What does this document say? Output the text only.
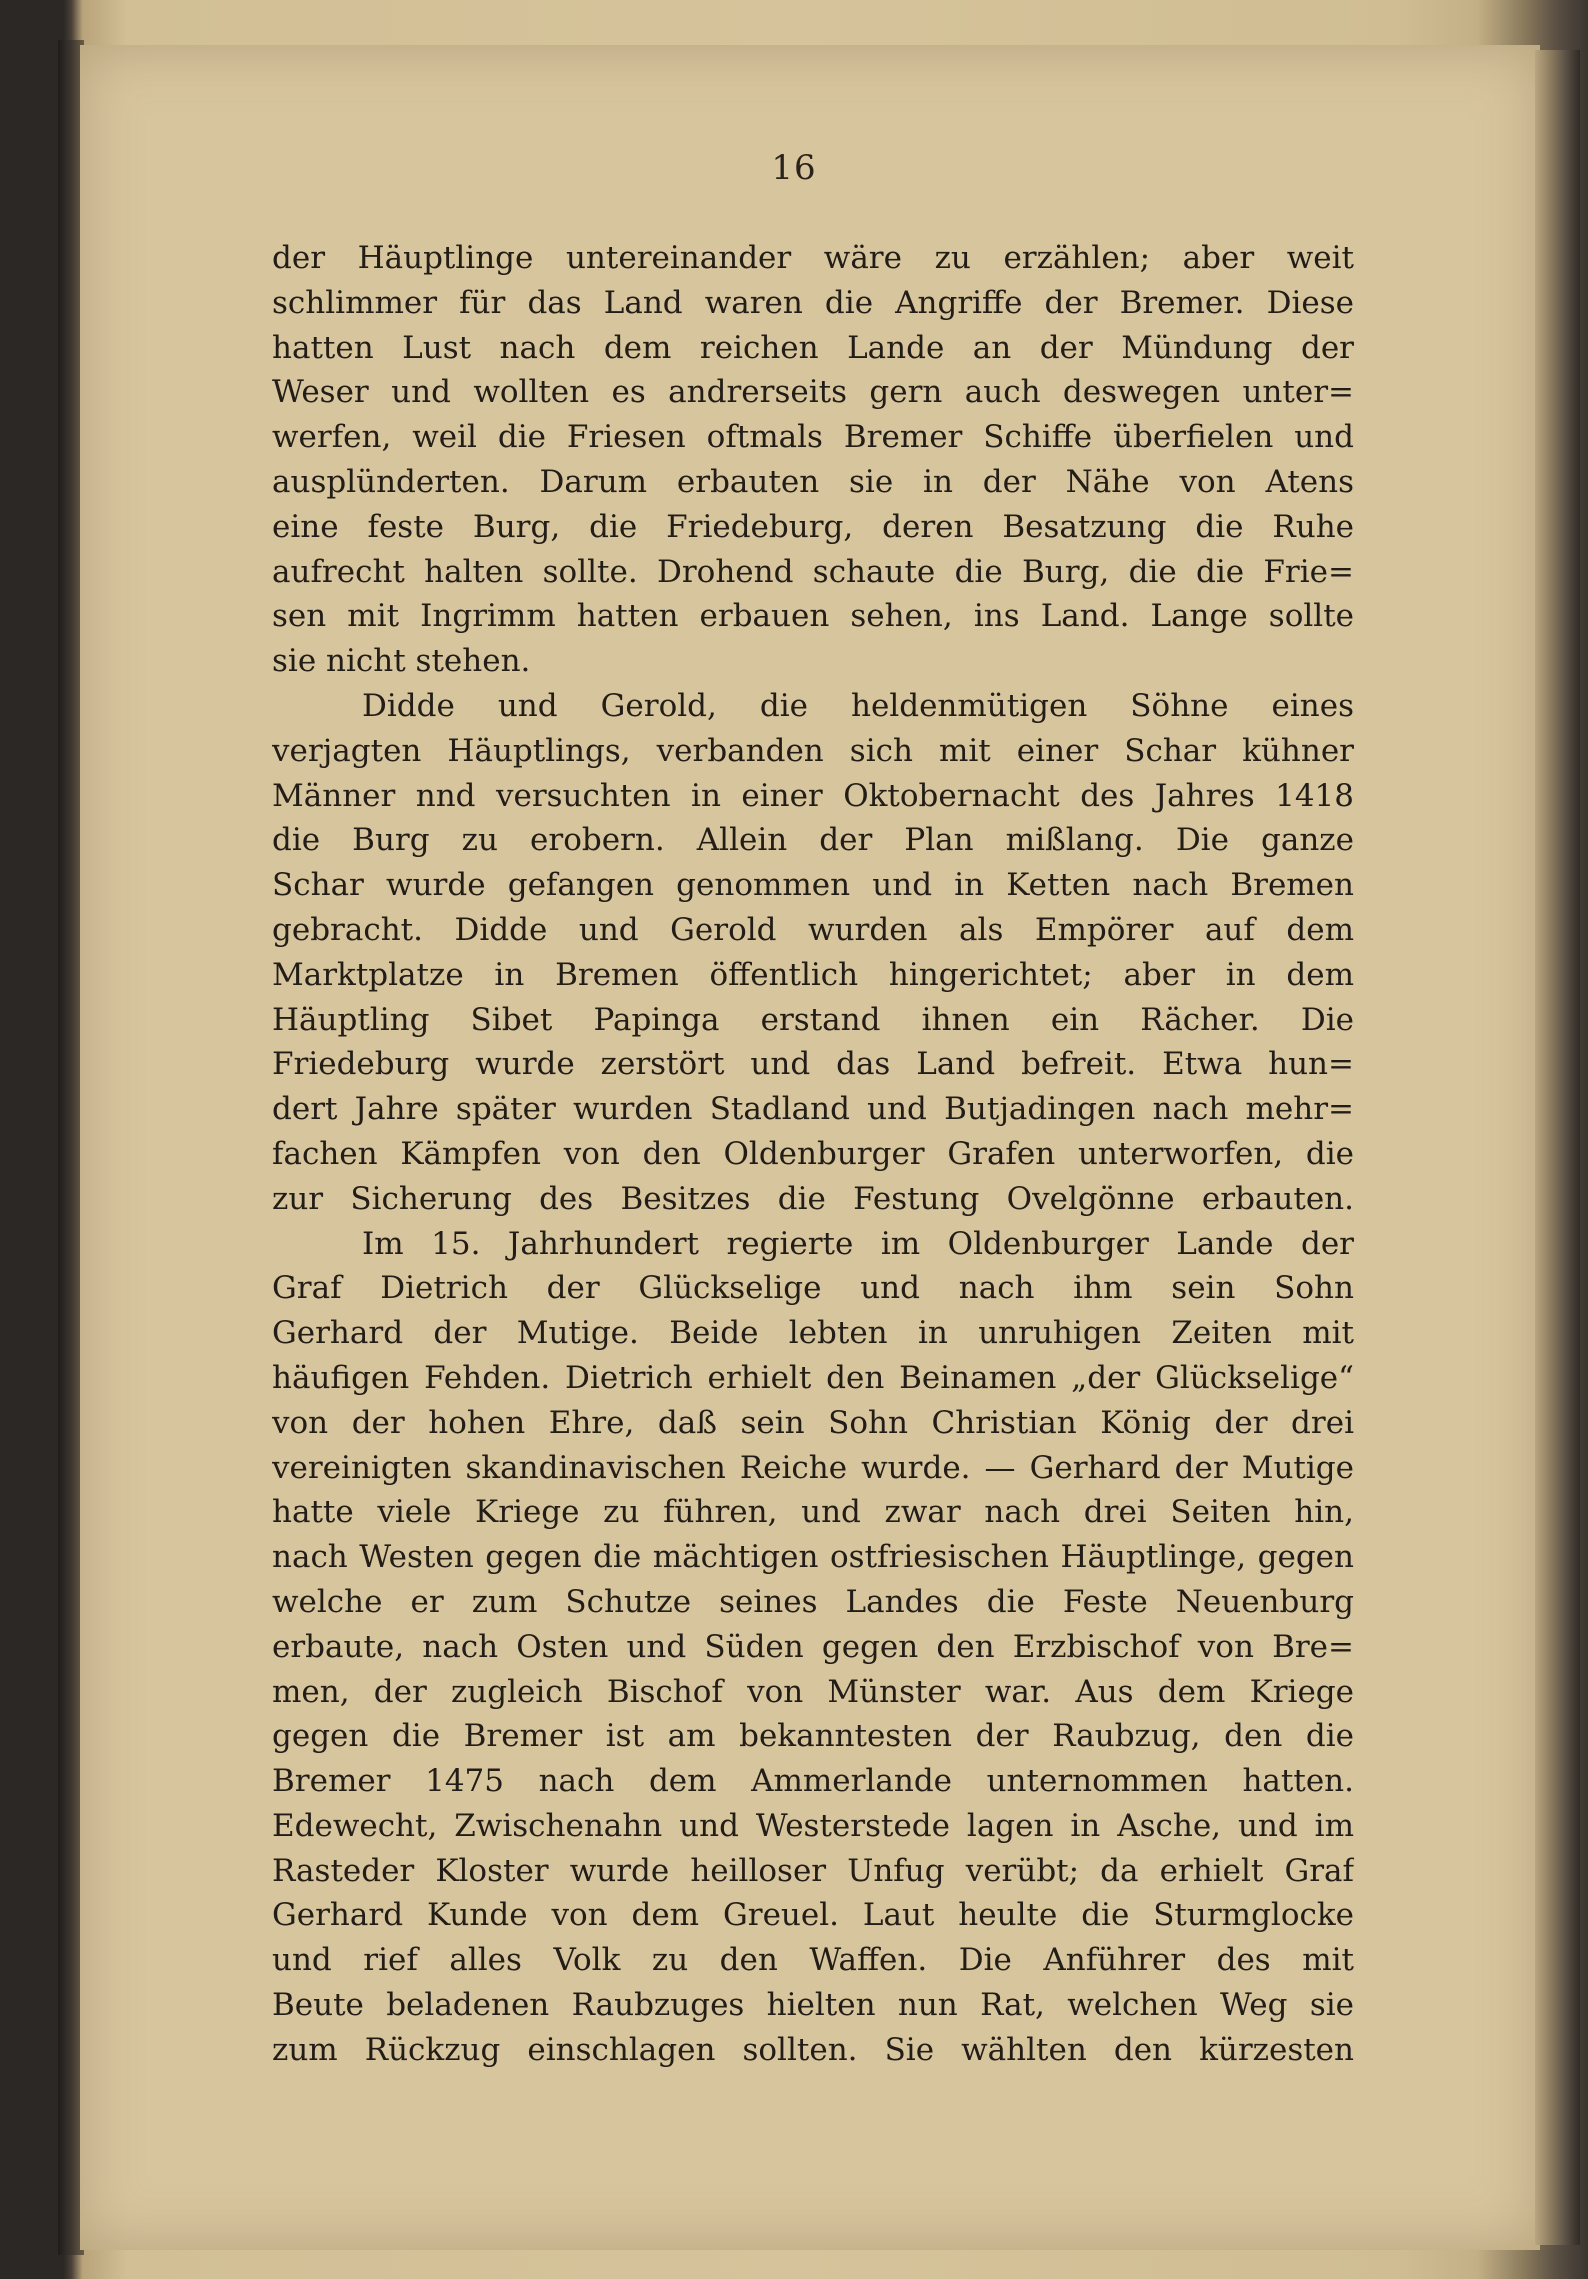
16
der Häuptlinge untereinander wäre zu erzählen; aber weit
schlimmer für das Land waren die Angriffe der Bremer. Diese
hatten Lust nach dem reichen Lande an der Mündung der
Weser und wollten es andrerseits gern auch deswegen unter=
werfen, weil die Friesen oftmals Bremer Schiffe überfielen und
ausplünderten. Darum erbauten sie in der Nähe von Atens
eine feste Burg, die Friedeburg, deren Besatzung die Ruhe
aufrecht halten sollte. Drohend schaute die Burg, die die Frie=
sen mit Ingrimm hatten erbauen sehen, ins Land. Lange sollte
sie nicht stehen.
Didde und Gerold, die heldenmütigen Söhne eines
verjagten Häuptlings, verbanden sich mit einer Schar kühner
Männer nnd versuchten in einer Oktobernacht des Jahres 1418
die Burg zu erobern. Allein der Plan mißlang. Die ganze
Schar wurde gefangen genommen und in Ketten nach Bremen
gebracht. Didde und Gerold wurden als Empörer auf dem
Marktplatze in Bremen öffentlich hingerichtet; aber in dem
Häuptling Sibet Papinga erstand ihnen ein Rächer. Die
Friedeburg wurde zerstört und das Land befreit. Etwa hun=
dert Jahre später wurden Stadland und Butjadingen nach mehr=
fachen Kämpfen von den Oldenburger Grafen unterworfen, die
zur Sicherung des Besitzes die Festung Ovelgönne erbauten.
Im 15. Jahrhundert regierte im Oldenburger Lande der
Graf Dietrich der Glückselige und nach ihm sein Sohn
Gerhard der Mutige. Beide lebten in unruhigen Zeiten mit
häufigen Fehden. Dietrich erhielt den Beinamen „der Glückselige“
von der hohen Ehre, daß sein Sohn Christian König der drei
vereinigten skandinavischen Reiche wurde. — Gerhard der Mutige
hatte viele Kriege zu führen, und zwar nach drei Seiten hin,
nach Westen gegen die mächtigen ostfriesischen Häuptlinge, gegen
welche er zum Schutze seines Landes die Feste Neuenburg
erbaute, nach Osten und Süden gegen den Erzbischof von Bre=
men, der zugleich Bischof von Münster war. Aus dem Kriege
gegen die Bremer ist am bekanntesten der Raubzug, den die
Bremer 1475 nach dem Ammerlande unternommen hatten.
Edewecht, Zwischenahn und Westerstede lagen in Asche, und im
Rasteder Kloster wurde heilloser Unfug verübt; da erhielt Graf
Gerhard Kunde von dem Greuel. Laut heulte die Sturmglocke
und rief alles Volk zu den Waffen. Die Anführer des mit
Beute beladenen Raubzuges hielten nun Rat, welchen Weg sie
zum Rückzug einschlagen sollten. Sie wählten den kürzesten
